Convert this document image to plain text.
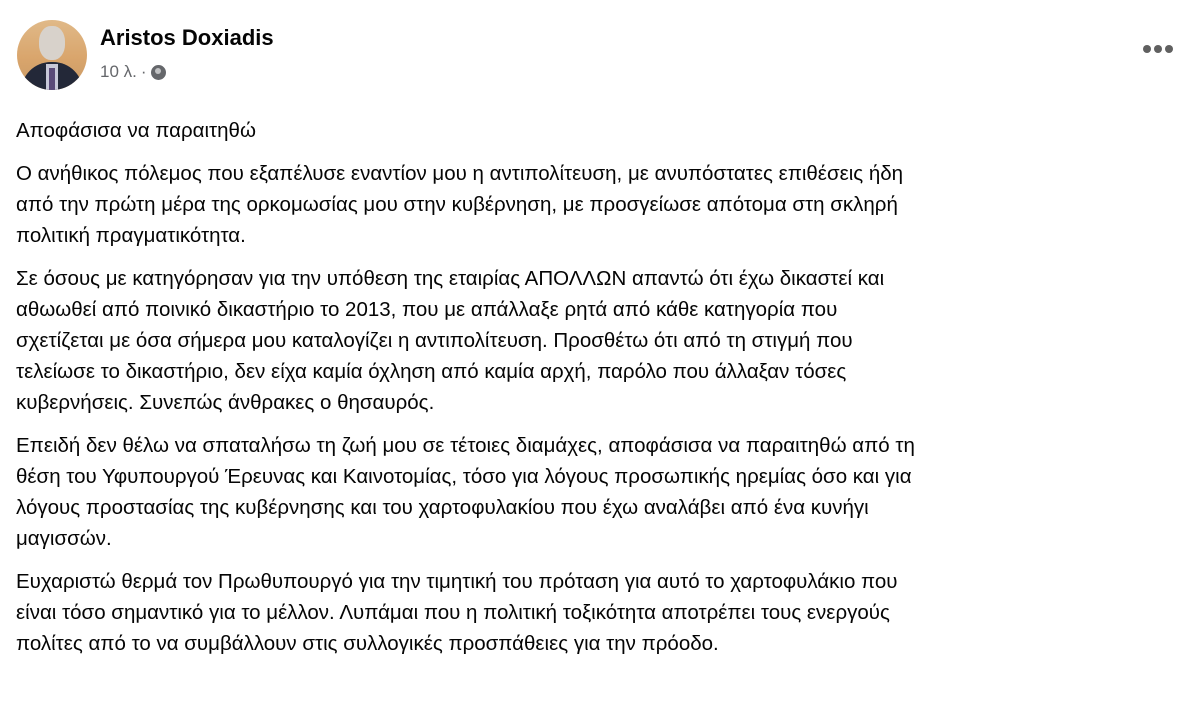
Aristos Doxiadis
10 λ. ·
Αποφάσισα να παραιτηθώ
Ο ανήθικος πόλεμος που εξαπέλυσε εναντίον μου η αντιπολίτευση, με ανυπόστατες επιθέσεις ήδη
από την πρώτη μέρα της ορκομωσίας μου στην κυβέρνηση, με προσγείωσε απότομα στη σκληρή
πολιτική πραγματικότητα.
Σε όσους με κατηγόρησαν για την υπόθεση της εταιρίας ΑΠΟΛΛΩΝ απαντώ ότι έχω δικαστεί και
αθωωθεί από ποινικό δικαστήριο το 2013, που με απάλλαξε ρητά από κάθε κατηγορία που
σχετίζεται με όσα σήμερα μου καταλογίζει η αντιπολίτευση. Προσθέτω ότι από τη στιγμή που
τελείωσε το δικαστήριο, δεν είχα καμία όχληση από καμία αρχή, παρόλο που άλλαξαν τόσες
κυβερνήσεις. Συνεπώς άνθρακες ο θησαυρός.
Επειδή δεν θέλω να σπαταλήσω τη ζωή μου σε τέτοιες διαμάχες, αποφάσισα να παραιτηθώ από τη
θέση του Υφυπουργού Έρευνας και Καινοτομίας, τόσο για λόγους προσωπικής ηρεμίας όσο και για
λόγους προστασίας της κυβέρνησης και του χαρτοφυλακίου που έχω αναλάβει από ένα κυνήγι
μαγισσών.
Ευχαριστώ θερμά τον Πρωθυπουργό για την τιμητική του πρόταση για αυτό το χαρτοφυλάκιο που
είναι τόσο σημαντικό για το μέλλον. Λυπάμαι που η πολιτική τοξικότητα αποτρέπει τους ενεργούς
πολίτες από το να συμβάλλουν στις συλλογικές προσπάθειες για την πρόοδο.
